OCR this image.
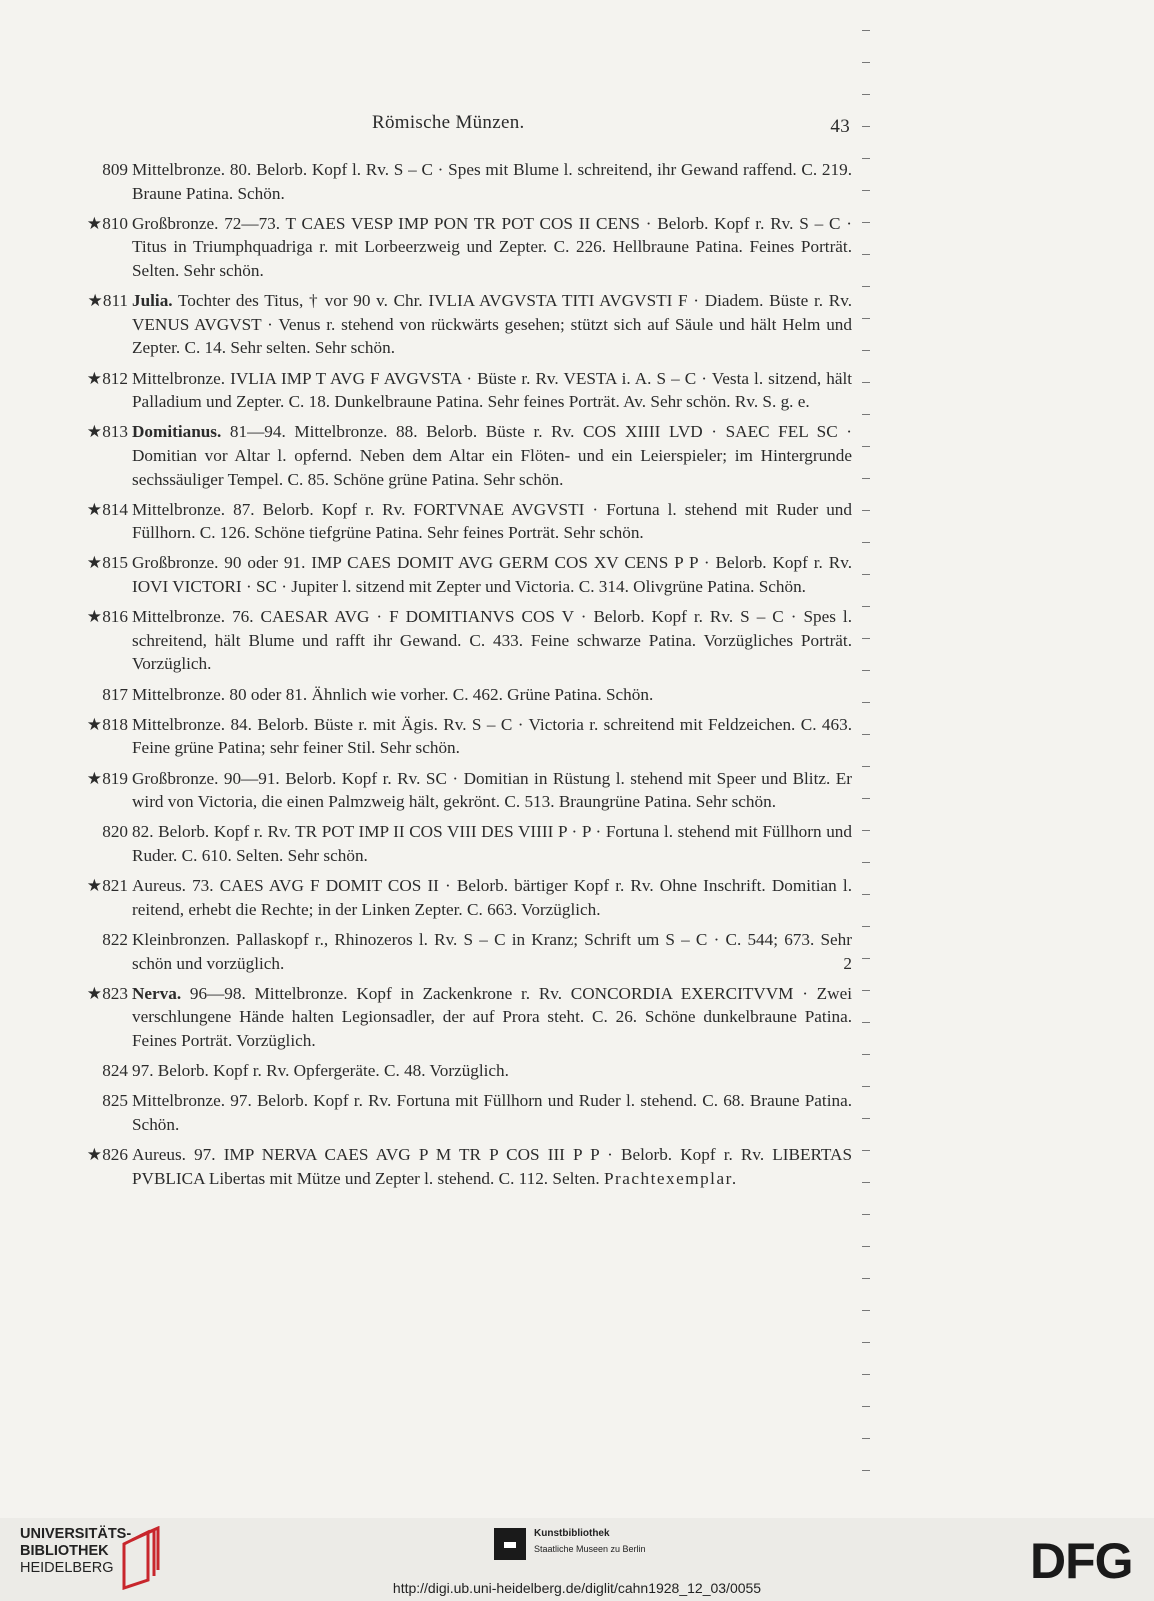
Römische Münzen.	43
809 Mittelbronze. 80. Belorb. Kopf l. Rv. S – C · Spes mit Blume l. schreitend, ihr Gewand raffend. C. 219. Braune Patina. Schön.
★810 Großbronze. 72—73. T CAES VESP IMP PON TR POT COS II CENS · Belorb. Kopf r. Rv. S – C · Titus in Triumphquadriga r. mit Lorbeerzweig und Zepter. C. 226. Hellbraune Patina. Feines Porträt. Selten. Sehr schön.
★811 Julia. Tochter des Titus, † vor 90 v. Chr. IVLIA AVGVSTA TITI AVGVSTI F · Diadem. Büste r. Rv. VENUS AVGVST · Venus r. stehend von rückwärts gesehen; stützt sich auf Säule und hält Helm und Zepter. C. 14. Sehr selten. Sehr schön.
★812 Mittelbronze. IVLIA IMP T AVG F AVGVSTA · Büste r. Rv. VESTA i. A. S – C · Vesta l. sitzend, hält Palladium und Zepter. C. 18. Dunkelbraune Patina. Sehr feines Porträt. Av. Sehr schön. Rv. S. g. e.
★813 Domitianus. 81—94. Mittelbronze. 88. Belorb. Büste r. Rv. COS XIIII LVD · SAEC FEL SC · Domitian vor Altar l. opfernd. Neben dem Altar ein Flöten- und ein Leierspieler; im Hintergrunde sechssäuliger Tempel. C. 85. Schöne grüne Patina. Sehr schön.
★814 Mittelbronze. 87. Belorb. Kopf r. Rv. FORTVNAE AVGVSTI · Fortuna l. stehend mit Ruder und Füllhorn. C. 126. Schöne tiefgrüne Patina. Sehr feines Porträt. Sehr schön.
★815 Großbronze. 90 oder 91. IMP CAES DOMIT AVG GERM COS XV CENS P P · Belorb. Kopf r. Rv. IOVI VICTORI · SC · Jupiter l. sitzend mit Zepter und Victoria. C. 314. Olivgrüne Patina. Schön.
★816 Mittelbronze. 76. CAESAR AVG · F DOMITIANVS COS V · Belorb. Kopf r. Rv. S – C · Spes l. schreitend, hält Blume und rafft ihr Gewand. C. 433. Feine schwarze Patina. Vorzügliches Porträt. Vorzüglich.
817 Mittelbronze. 80 oder 81. Ähnlich wie vorher. C. 462. Grüne Patina. Schön.
★818 Mittelbronze. 84. Belorb. Büste r. mit Ägis. Rv. S – C · Victoria r. schreitend mit Feldzeichen. C. 463. Feine grüne Patina; sehr feiner Stil. Sehr schön.
★819 Großbronze. 90—91. Belorb. Kopf r. Rv. SC · Domitian in Rüstung l. stehend mit Speer und Blitz. Er wird von Victoria, die einen Palmzweig hält, gekrönt. C. 513. Braungrüne Patina. Sehr schön.
820 82. Belorb. Kopf r. Rv. TR POT IMP II COS VIII DES VIIII P · P · Fortuna l. stehend mit Füllhorn und Ruder. C. 610. Selten. Sehr schön.
★821 Aureus. 73. CAES AVG F DOMIT COS II · Belorb. bärtiger Kopf r. Rv. Ohne Inschrift. Domitian l. reitend, erhebt die Rechte; in der Linken Zepter. C. 663. Vorzüglich.
822 Kleinbronzen. Pallaskopf r., Rhinozeros l. Rv. S – C in Kranz; Schrift um S – C · C. 544; 673. Sehr schön und vorzüglich.	2
★823 Nerva. 96—98. Mittelbronze. Kopf in Zackenkrone r. Rv. CONCORDIA EXERCITVVM · Zwei verschlungene Hände halten Legionsadler, der auf Prora steht. C. 26. Schöne dunkelbraune Patina. Feines Porträt. Vorzüglich.
824 97. Belorb. Kopf r. Rv. Opfergeräte. C. 48. Vorzüglich.
825 Mittelbronze. 97. Belorb. Kopf r. Rv. Fortuna mit Füllhorn und Ruder l. stehend. C. 68. Braune Patina. Schön.
★826 Aureus. 97. IMP NERVA CAES AVG P M TR P COS III P P · Belorb. Kopf r. Rv. LIBERTAS PVBLICA Libertas mit Mütze und Zepter l. stehend. C. 112. Selten. Prachtexemplar.
UNIVERSITÄTS-
BIBLIOTHEK
HEIDELBERG
Kunstbibliothek
Staatliche Museen zu Berlin	DFG
http://digi.ub.uni-heidelberg.de/diglit/cahn1928_12_03/0055
